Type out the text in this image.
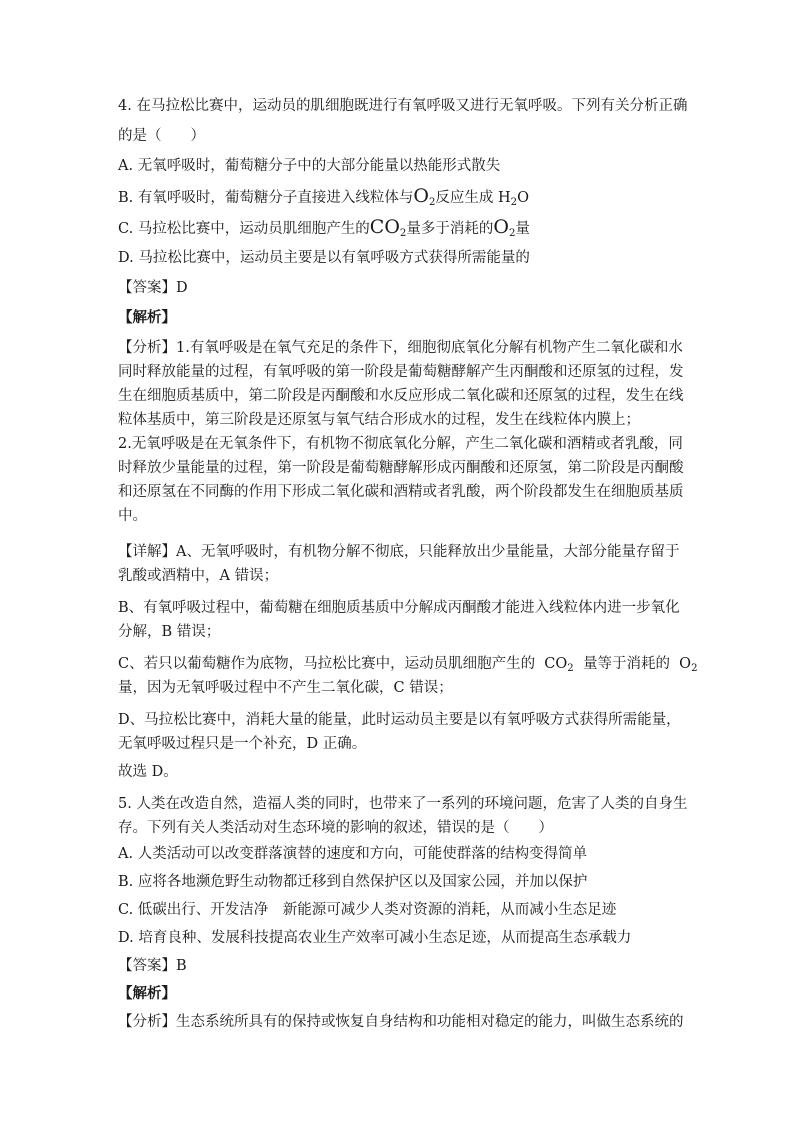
4. 在马拉松比赛中，运动员的肌细胞既进行有氧呼吸又进行无氧呼吸。下列有关分析正确
的是（　　）
A. 无氧呼吸时，葡萄糖分子中的大部分能量以热能形式散失
B. 有氧呼吸时，葡萄糖分子直接进入线粒体与$O_2$反应生成 $H_2O$
C. 马拉松比赛中，运动员肌细胞产生的$CO_2$量多于消耗的$O_2$量
D. 马拉松比赛中，运动员主要是以有氧呼吸方式获得所需能量的
【答案】D
【解析】
【分析】1.有氧呼吸是在氧气充足的条件下，细胞彻底氧化分解有机物产生二氧化碳和水
同时释放能量的过程，有氧呼吸的第一阶段是葡萄糖酵解产生丙酮酸和还原氢的过程，发
生在细胞质基质中，第二阶段是丙酮酸和水反应形成二氧化碳和还原氢的过程，发生在线
粒体基质中，第三阶段是还原氢与氧气结合形成水的过程，发生在线粒体内膜上；
2.无氧呼吸是在无氧条件下，有机物不彻底氧化分解，产生二氧化碳和酒精或者乳酸，同
时释放少量能量的过程，第一阶段是葡萄糖酵解形成丙酮酸和还原氢，第二阶段是丙酮酸
和还原氢在不同酶的作用下形成二氧化碳和酒精或者乳酸，两个阶段都发生在细胞质基质
中。
【详解】A、无氧呼吸时，有机物分解不彻底，只能释放出少量能量，大部分能量存留于
乳酸或酒精中，A 错误；
B、有氧呼吸过程中，葡萄糖在细胞质基质中分解成丙酮酸才能进入线粒体内进一步氧化
分解，B 错误；
C、若只以葡萄糖作为底物，马拉松比赛中，运动员肌细胞产生的  $CO_2$  量等于消耗的  $O_2$
量，因为无氧呼吸过程中不产生二氧化碳，C 错误；
D、马拉松比赛中，消耗大量的能量，此时运动员主要是以有氧呼吸方式获得所需能量，
无氧呼吸过程只是一个补充，D 正确。
故选 D。
5. 人类在改造自然，造福人类的同时，也带来了一系列的环境问题，危害了人类的自身生
存。下列有关人类活动对生态环境的影响的叙述，错误的是（　　）
A. 人类活动可以改变群落演替的速度和方向，可能使群落的结构变得简单
B. 应将各地濒危野生动物都迁移到自然保护区以及国家公园，并加以保护
C. 低碳出行、开发洁净　新能源可减少人类对资源的消耗，从而减小生态足迹
D. 培育良种、发展科技提高农业生产效率可减小生态足迹，从而提高生态承载力
【答案】B
【解析】
【分析】生态系统所具有的保持或恢复自身结构和功能相对稳定的能力，叫做生态系统的
